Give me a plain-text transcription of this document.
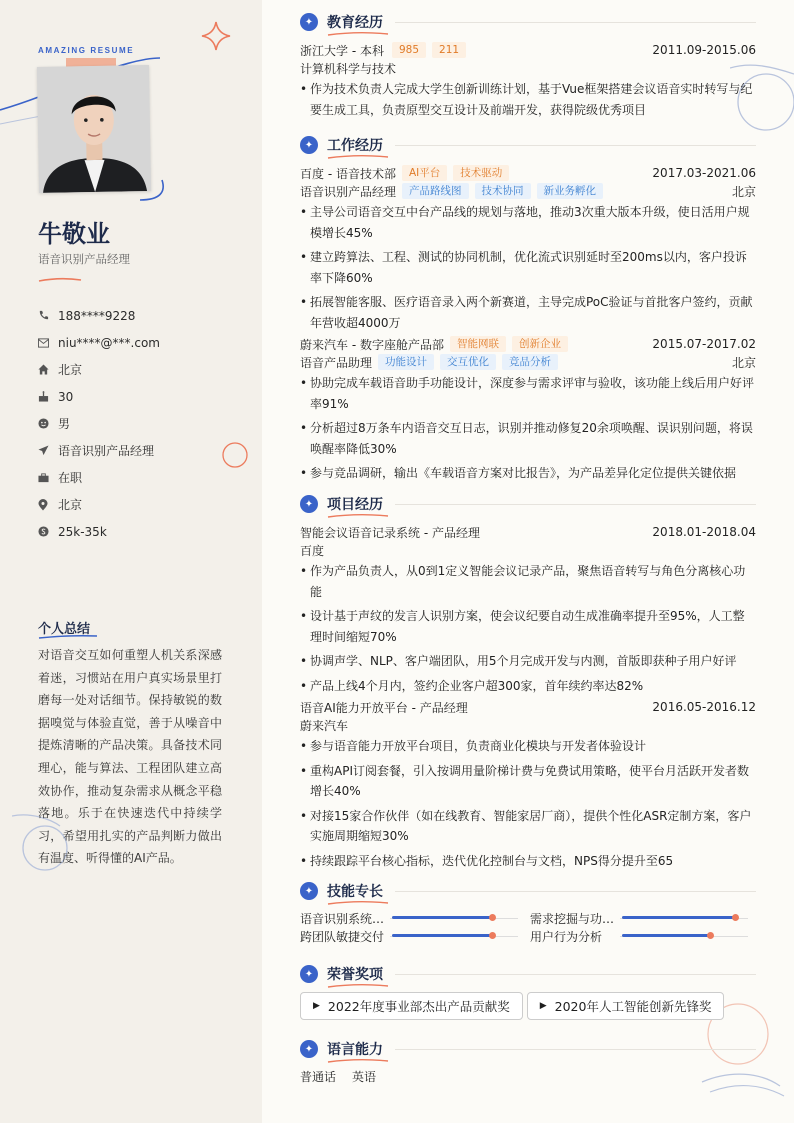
AMAZING RESUME
牛敬业
语音识别产品经理
188****9228
niu****@***.com
北京
30
男
语音识别产品经理
在职
北京
25k-35k
个人总结
对语音交互如何重塑人机关系深感着迷，习惯站在用户真实场景里打磨每一处对话细节。保持敏锐的数据嗅觉与体验直觉，善于从噪音中提炼清晰的产品决策。具备技术同理心，能与算法、工程团队建立高效协作，推动复杂需求从概念平稳落地。乐于在快速迭代中持续学习，希望用扎实的产品判断力做出有温度、听得懂的AI产品。
✦ 教育经历
浙江大学 - 本科	985	211	2011.09-2015.06
计算机科学与技术
• 作为技术负责人完成大学生创新训练计划，基于Vue框架搭建会议语音实时转写与纪要生成工具，负责原型交互设计及前端开发，获得院级优秀项目
✦ 工作经历
百度 - 语音技术部	AI平台	技术驱动	2017.03-2021.06
语音识别产品经理	产品路线图	技术协同	新业务孵化	北京
• 主导公司语音交互中台产品线的规划与落地，推动3次重大版本升级，使日活用户规模增长45%
• 建立跨算法、工程、测试的协同机制，优化流式识别延时至200ms以内，客户投诉率下降60%
• 拓展智能客服、医疗语音录入两个新赛道，主导完成PoC验证与首批客户签约，贡献年营收超4000万
蔚来汽车 - 数字座舱产品部	智能网联	创新企业	2015.07-2017.02
语音产品助理	功能设计	交互优化	竞品分析	北京
• 协助完成车载语音助手功能设计，深度参与需求评审与验收，该功能上线后用户好评率91%
• 分析超过8万条车内语音交互日志，识别并推动修复20余项唤醒、误识别问题，将误唤醒率降低30%
• 参与竞品调研，输出《车载语音方案对比报告》，为产品差异化定位提供关键依据
✦ 项目经历
智能会议语音记录系统 - 产品经理	2018.01-2018.04
百度
• 作为产品负责人，从0到1定义智能会议记录产品，聚焦语音转写与角色分离核心功能
• 设计基于声纹的发言人识别方案，使会议纪要自动生成准确率提升至95%，人工整理时间缩短70%
• 协调声学、NLP、客户端团队，用5个月完成开发与内测，首版即获种子用户好评
• 产品上线4个月内，签约企业客户超300家，首年续约率达82%
语音AI能力开放平台 - 产品经理	2016.05-2016.12
蔚来汽车
• 参与语音能力开放平台项目，负责商业化模块与开发者体验设计
• 重构API订阅套餐，引入按调用量阶梯计费与免费试用策略，使平台月活跃开发者数增长40%
• 对接15家合作伙伴（如在线教育、智能家居厂商），提供个性化ASR定制方案，客户实施周期缩短30%
• 持续跟踪平台核心指标，迭代优化控制台与文档，NPS得分提升至65
✦ 技能专长
语音识别系统…	需求挖掘与功…
跨团队敏捷交付	用户行为分析
✦ 荣誉奖项
▶ 2022年度事业部杰出产品贡献奖	▶ 2020年人工智能创新先锋奖
✦ 语言能力
普通话 英语
